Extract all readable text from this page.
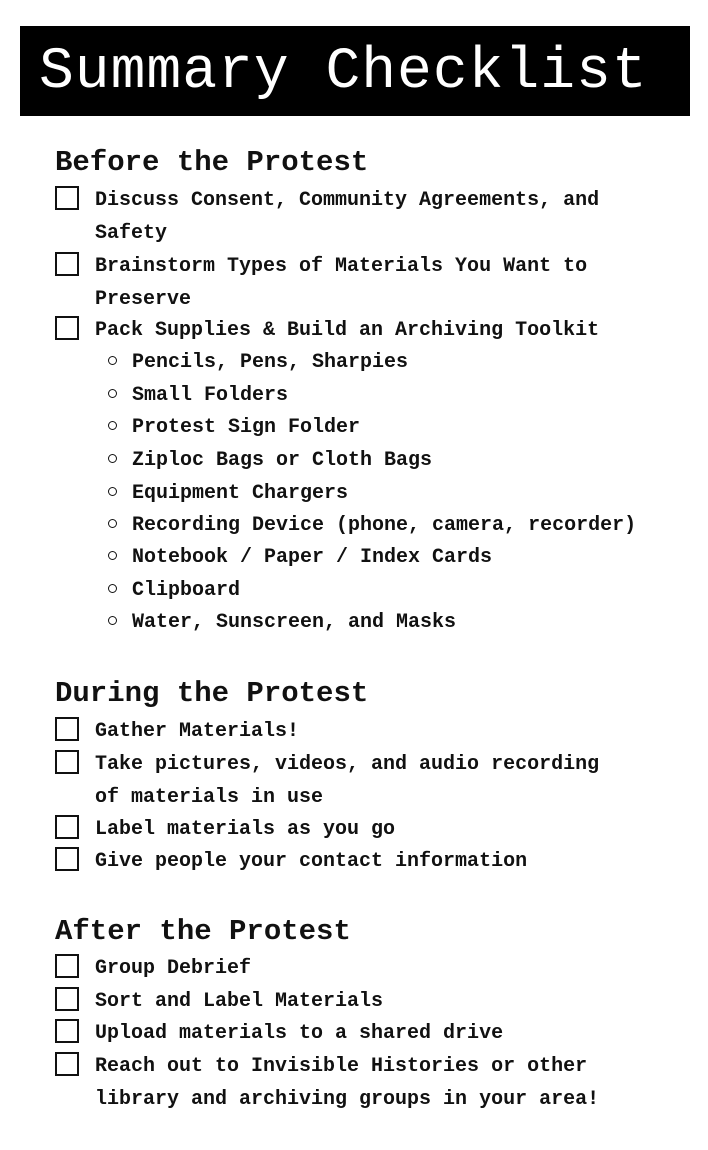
Summary Checklist
Before the Protest
Discuss Consent, Community Agreements, and Safety
Brainstorm Types of Materials You Want to Preserve
Pack Supplies & Build an Archiving Toolkit
Pencils, Pens, Sharpies
Small Folders
Protest Sign Folder
Ziploc Bags or Cloth Bags
Equipment Chargers
Recording Device (phone, camera, recorder)
Notebook / Paper / Index Cards
Clipboard
Water, Sunscreen, and Masks
During the Protest
Gather Materials!
Take pictures, videos, and audio recording of materials in use
Label materials as you go
Give people your contact information
After the Protest
Group Debrief
Sort and Label Materials
Upload materials to a shared drive
Reach out to Invisible Histories or other library and archiving groups in your area!
